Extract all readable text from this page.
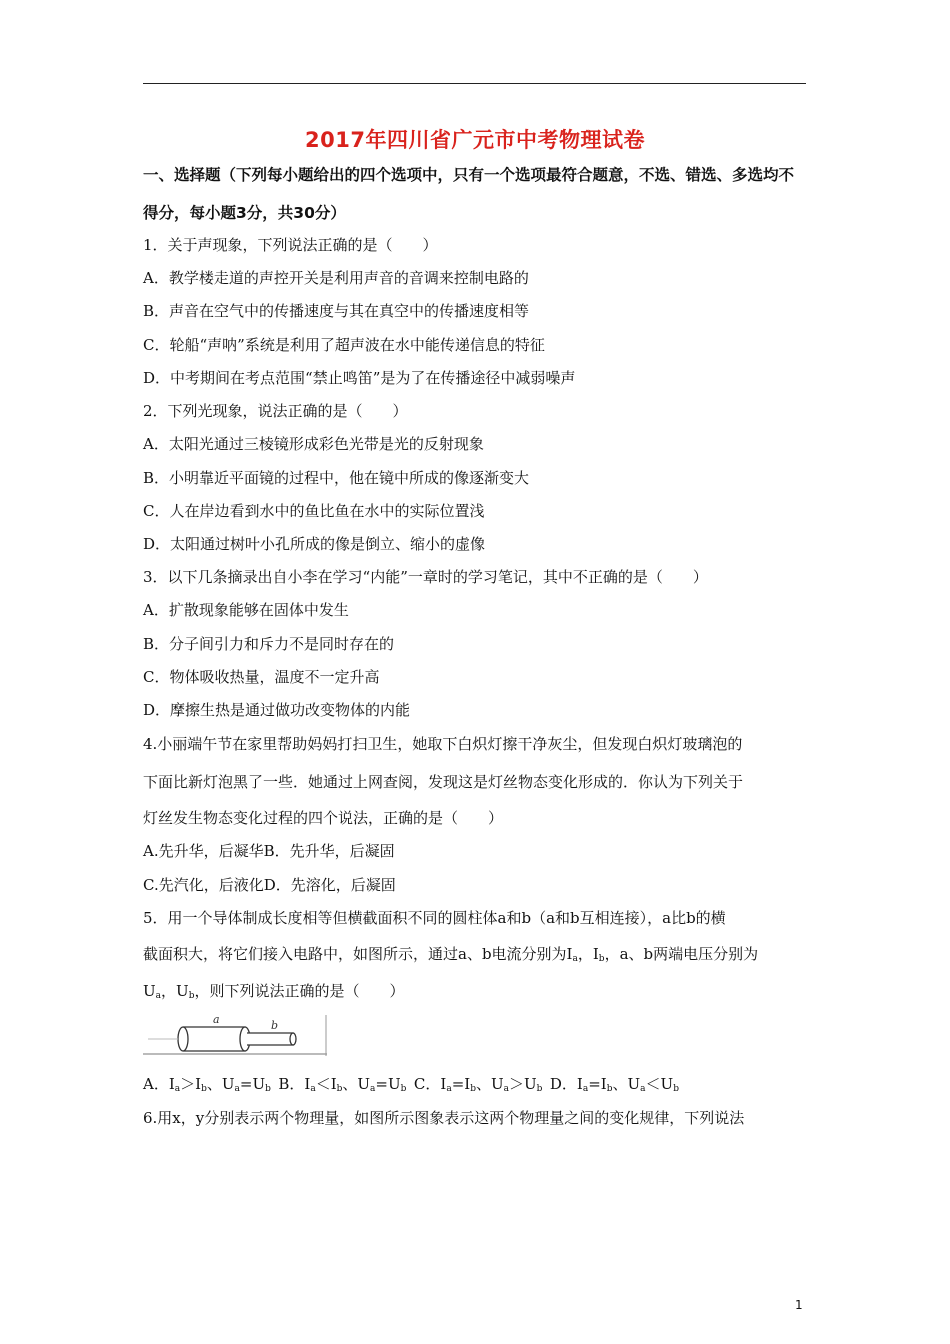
2017年四川省广元市中考物理试卷
一、选择题（下列每小题给出的四个选项中，只有一个选项最符合题意，不选、错选、多选均不
得分，每小题3分，共30分）
1．关于声现象，下列说法正确的是（　　）
A．教学楼走道的声控开关是利用声音的音调来控制电路的
B．声音在空气中的传播速度与其在真空中的传播速度相等
C．轮船“声呐”系统是利用了超声波在水中能传递信息的特征
D．中考期间在考点范围“禁止鸣笛”是为了在传播途径中减弱噪声
2．下列光现象，说法正确的是（　　）
A．太阳光通过三棱镜形成彩色光带是光的反射现象
B．小明靠近平面镜的过程中，他在镜中所成的像逐渐变大
C．人在岸边看到水中的鱼比鱼在水中的实际位置浅
D．太阳通过树叶小孔所成的像是倒立、缩小的虚像
3．以下几条摘录出自小李在学习“内能”一章时的学习笔记，其中不正确的是（　　）
A．扩散现象能够在固体中发生
B．分子间引力和斥力不是同时存在的
C．物体吸收热量，温度不一定升高
D．摩擦生热是通过做功改变物体的内能
4.小丽端午节在家里帮助妈妈打扫卫生，她取下白炽灯擦干净灰尘，但发现白炽灯玻璃泡的
下面比新灯泡黑了一些．她通过上网查阅，发现这是灯丝物态变化形成的．你认为下列关于
灯丝发生物态变化过程的四个说法，正确的是（　　）
A.先升华，后凝华B．先升华，后凝固
C.先汽化，后液化D．先溶化，后凝固
5．用一个导体制成长度相等但横截面积不同的圆柱体a和b（a和b互相连接），a比b的横
截面积大，将它们接入电路中，如图所示，通过a、b电流分别为$I_a$，$I_b$，a、b两端电压分别为
$U_a$，$U_b$，则下列说法正确的是（　　）
a	b
A．$I_a>I_b$、$U_a=U_b$  B．$I_a<I_b$、$U_a=U_b$  C．$I_a=I_b$、$U_a>U_b$  D．$I_a=I_b$、$U_a<U_b$
6.用x，y分别表示两个物理量，如图所示图象表示这两个物理量之间的变化规律，下列说法
1
